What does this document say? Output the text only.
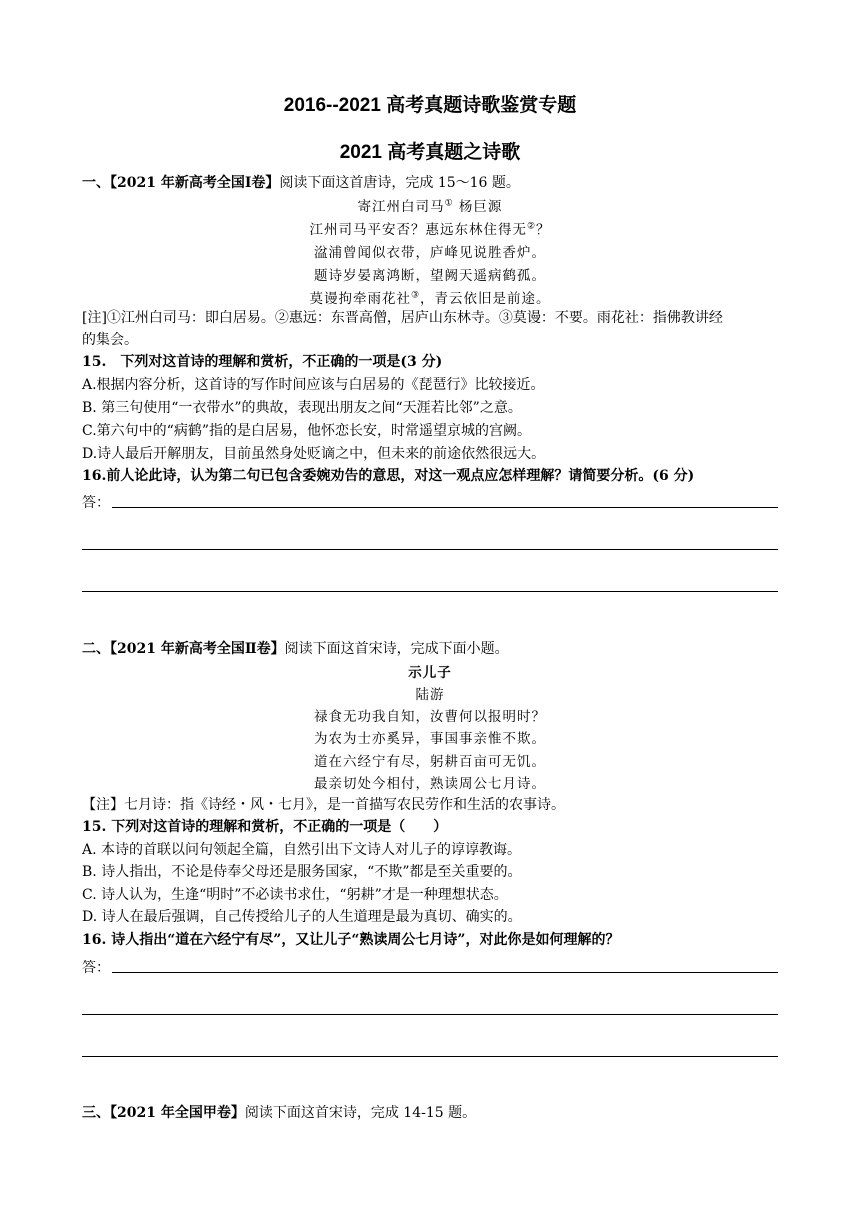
2016--2021 高考真题诗歌鉴赏专题
2021 高考真题之诗歌
一、【2021 年新高考全国Ⅰ卷】阅读下面这首唐诗，完成 15～16 题。
寄江州白司马① 杨巨源
江州司马平安否？惠远东林住得无②？
湓浦曾闻似衣带，庐峰见说胜香炉。
题诗岁晏离鸿断，望阙天遥病鹤孤。
莫谩拘牵雨花社③，青云依旧是前途。
[注]①江州白司马：即白居易。②惠远：东晋高僧，居庐山东林寺。③莫谩：不要。雨花社：指佛教讲经
的集会。
15.　下列对这首诗的理解和赏析，不正确的一项是(3 分)
A.根据内容分析，这首诗的写作时间应该与白居易的《琵琶行》比较接近。
B. 第三句使用“一衣带水”的典故，表现出朋友之间“天涯若比邻”之意。
C.第六句中的“病鹤”指的是白居易，他怀恋长安，时常遥望京城的宫阙。
D.诗人最后开解朋友，目前虽然身处贬谪之中，但未来的前途依然很远大。
16.前人论此诗，认为第二句已包含委婉劝告的意思，对这一观点应怎样理解？请简要分析。(6 分)
答：
二、【2021 年新高考全国Ⅱ卷】阅读下面这首宋诗，完成下面小题。
示儿子
陆游
禄食无功我自知，汝曹何以报明时？
为农为士亦奚异，事国事亲惟不欺。
道在六经宁有尽，躬耕百亩可无饥。
最亲切处今相付，熟读周公七月诗。
【注】七月诗：指《诗经・风・七月》，是一首描写农民劳作和生活的农事诗。
15. 下列对这首诗的理解和赏析，不正确的一项是（　　）
A. 本诗的首联以问句领起全篇，自然引出下文诗人对儿子的谆谆教诲。
B. 诗人指出，不论是侍奉父母还是服务国家，“不欺”都是至关重要的。
C. 诗人认为，生逢“明时”不必读书求仕，“躬耕”才是一种理想状态。
D. 诗人在最后强调，自己传授给儿子的人生道理是最为真切、确实的。
16. 诗人指出“道在六经宁有尽”，又让儿子“熟读周公七月诗”，对此你是如何理解的？
答：
三、【2021 年全国甲卷】阅读下面这首宋诗，完成 14-15 题。
